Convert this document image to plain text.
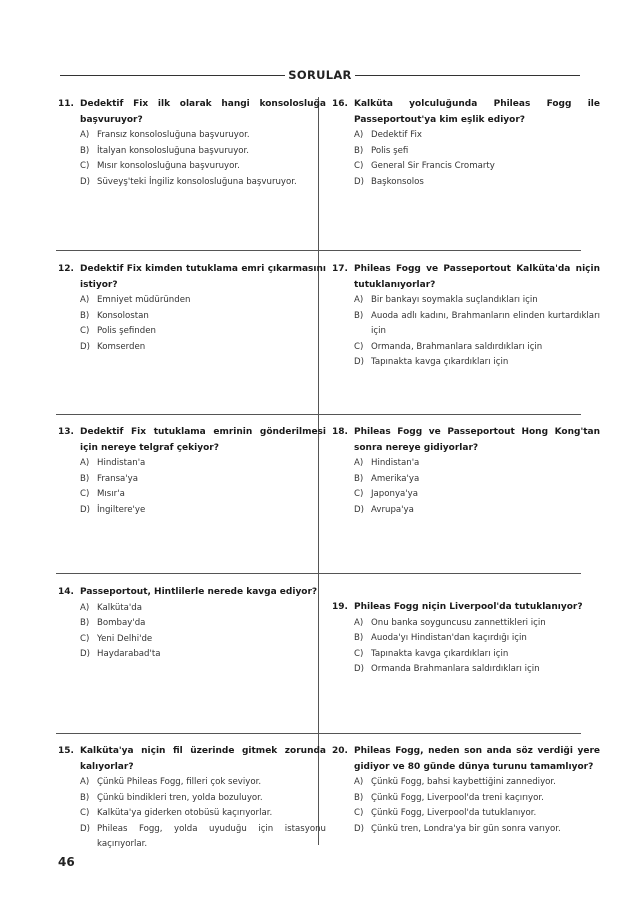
SORULAR
11. Dedektif Fix ilk olarak hangi konsolosluğa başvuruyor?
A) Fransız konsolosluğuna başvuruyor.
B) İtalyan konsolosluğuna başvuruyor.
C) Mısır konsolosluğuna başvuruyor.
D) Süveyş'teki İngiliz konsolosluğuna başvuruyor.
12. Dedektif Fix kimden tutuklama emri çıkarmasını istiyor?
A) Emniyet müdüründen
B) Konsolostan
C) Polis şefinden
D) Komserden
13. Dedektif Fix tutuklama emrinin gönderilmesi için nereye telgraf çekiyor?
A) Hindistan'a
B) Fransa'ya
C) Mısır'a
D) İngiltere'ye
14. Passeportout, Hintlilerle nerede kavga ediyor?
A) Kalküta'da
B) Bombay'da
C) Yeni Delhi'de
D) Haydarabad'ta
15. Kalküta'ya niçin fil üzerinde gitmek zorunda kalıyorlar?
A) Çünkü Phileas Fogg, filleri çok seviyor.
B) Çünkü bindikleri tren, yolda bozuluyor.
C) Kalküta'ya giderken otobüsü kaçırıyorlar.
D) Phileas Fogg, yolda uyuduğu için istasyonu kaçırıyorlar.
16. Kalküta yolculuğunda Phileas Fogg ile Passeportout'ya kim eşlik ediyor?
A) Dedektif Fix
B) Polis şefi
C) General Sir Francis Cromarty
D) Başkonsolos
17. Phileas Fogg ve Passeportout Kalküta'da niçin tutuklanıyorlar?
A) Bir bankayı soymakla suçlandıkları için
B) Auoda adlı kadını, Brahmanların elinden kurtardıkları için
C) Ormanda, Brahmanlara saldırdıkları için
D) Tapınakta kavga çıkardıkları için
18. Phileas Fogg ve Passeportout Hong Kong'tan sonra nereye gidiyorlar?
A) Hindistan'a
B) Amerika'ya
C) Japonya'ya
D) Avrupa'ya
19. Phileas Fogg niçin Liverpool'da tutuklanıyor?
A) Onu banka soyguncusu zannettikleri için
B) Auoda'yı Hindistan'dan kaçırdığı için
C) Tapınakta kavga çıkardıkları için
D) Ormanda Brahmanlara saldırdıkları için
20. Phileas Fogg, neden son anda söz verdiği yere gidiyor ve 80 günde dünya turunu tamamlıyor?
A) Çünkü Fogg, bahsi kaybettiğini zannediyor.
B) Çünkü Fogg, Liverpool'da treni kaçırıyor.
C) Çünkü Fogg, Liverpool'da tutuklanıyor.
D) Çünkü tren, Londra'ya bir gün sonra varıyor.
46
